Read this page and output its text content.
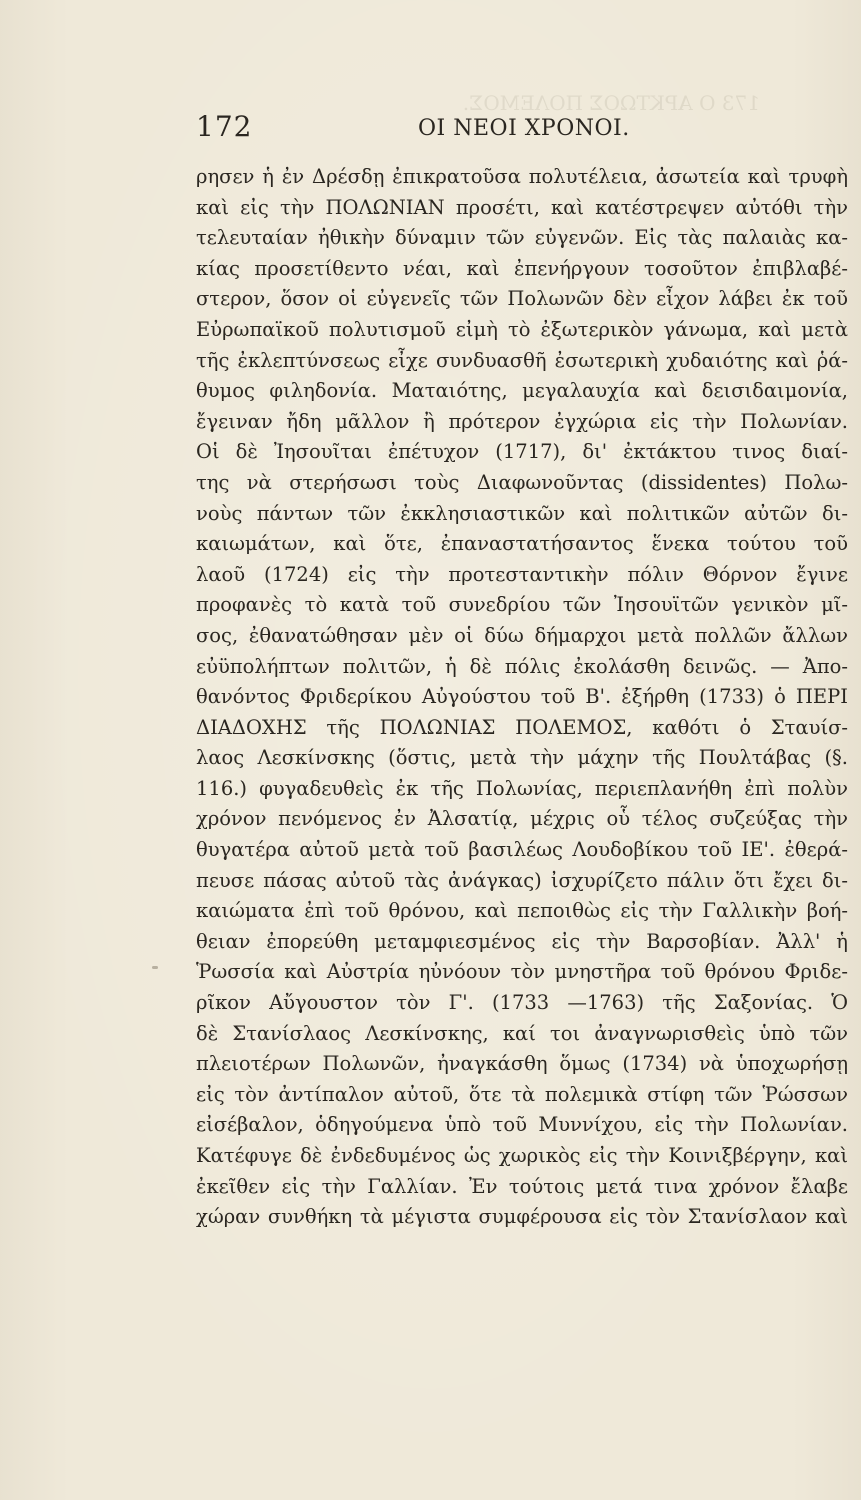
173 Ο ΑΡΚΤΩΟΣ ΠΟΛΕΜΟΣ.
172	ΟΙ ΝΕΟΙ ΧΡΟΝΟΙ.
ρησεν ἡ ἐν Δρέσδῃ ἐπικρατοῦσα πολυτέλεια, ἀσωτεία καὶ τρυφὴ
καὶ εἰς τὴν ΠΟΛΩΝΙΑΝ προσέτι, καὶ κατέστρεψεν αὐτόθι τὴν
τελευταίαν ἠθικὴν δύναμιν τῶν εὐγενῶν. Εἰς τὰς παλαιὰς κα-
κίας προσετίθεντο νέαι, καὶ ἐπενήργουν τοσοῦτον ἐπιβλαβέ-
στερον, ὅσον οἱ εὐγενεῖς τῶν Πολωνῶν δὲν εἶχον λάβει ἐκ τοῦ
Εὐρωπαϊκοῦ πολυτισμοῦ εἰμὴ τὸ ἐξωτερικὸν γάνωμα, καὶ μετὰ
τῆς ἐκλεπτύνσεως εἶχε συνδυασθῆ ἐσωτερικὴ χυδαιότης καὶ ῥά-
θυμος φιληδονία. Ματαιότης, μεγαλαυχία καὶ δεισιδαιμονία,
ἔγειναν ἤδη μᾶλλον ἢ πρότερον ἐγχώρια εἰς τὴν Πολωνίαν.
Οἱ δὲ Ἰησουῖται ἐπέτυχον (1717), δι' ἐκτάκτου τινος διαί-
της νὰ στερήσωσι τοὺς Διαφωνοῦντας (dissidentes) Πολω-
νοὺς πάντων τῶν ἐκκλησιαστικῶν καὶ πολιτικῶν αὐτῶν δι-
καιωμάτων, καὶ ὅτε, ἐπαναστατήσαντος ἕνεκα τούτου τοῦ
λαοῦ (1724) εἰς τὴν προτεσταντικὴν πόλιν Θόρνον ἔγινε
προφανὲς τὸ κατὰ τοῦ συνεδρίου τῶν Ἰησουϊτῶν γενικὸν μῖ-
σος, ἐθανατώθησαν μὲν οἱ δύω δήμαρχοι μετὰ πολλῶν ἄλλων
εὐϋπολήπτων πολιτῶν, ἡ δὲ πόλις ἐκολάσθη δεινῶς. — Ἀπο-
θανόντος Φριδερίκου Αὐγούστου τοῦ Β'. ἐξήρθη (1733) ὁ ΠΕΡΙ
ΔΙΑΔΟΧΗΣ τῆς ΠΟΛΩΝΙΑΣ ΠΟΛΕΜΟΣ, καθότι ὁ Σταυίσ-
λαος Λεσκίνσκης (ὅστις, μετὰ τὴν μάχην τῆς Πουλτάβας (§.
116.) φυγαδευθεὶς ἐκ τῆς Πολωνίας, περιεπλανήθη ἐπὶ πολὺν
χρόνον πενόμενος ἐν Ἀλσατίᾳ, μέχρις οὗ τέλος συζεύξας τὴν
θυγατέρα αὐτοῦ μετὰ τοῦ βασιλέως Λουδοβίκου τοῦ ΙΕ'. ἐθερά-
πευσε πάσας αὐτοῦ τὰς ἀνάγκας) ἰσχυρίζετο πάλιν ὅτι ἔχει δι-
καιώματα ἐπὶ τοῦ θρόνου, καὶ πεποιθὼς εἰς τὴν Γαλλικὴν βοή-
θειαν ἐπορεύθη μεταμφιεσμένος εἰς τὴν Βαρσοβίαν. Ἀλλ' ἡ
Ῥωσσία καὶ Αὐστρία ηὐνόουν τὸν μνηστῆρα τοῦ θρόνου Φριδε-
ρῖκον Αὔγουστον τὸν Γ'. (1733 —1763) τῆς Σαξονίας. Ὁ
δὲ Στανίσλαος Λεσκίνσκης, καί τοι ἀναγνωρισθεὶς ὑπὸ τῶν
πλειοτέρων Πολωνῶν, ἠναγκάσθη ὅμως (1734) νὰ ὑποχωρήσῃ
εἰς τὸν ἀντίπαλον αὐτοῦ, ὅτε τὰ πολεμικὰ στίφη τῶν Ῥώσσων
εἰσέβαλον, ὁδηγούμενα ὑπὸ τοῦ Μυννίχου, εἰς τὴν Πολωνίαν.
Κατέφυγε δὲ ἐνδεδυμένος ὡς χωρικὸς εἰς τὴν Κοινιξβέργην, καὶ
ἐκεῖθεν εἰς τὴν Γαλλίαν. Ἐν τούτοις μετά τινα χρόνον ἔλαβε
χώραν συνθήκη τὰ μέγιστα συμφέρουσα εἰς τὸν Στανίσλαον καὶ
